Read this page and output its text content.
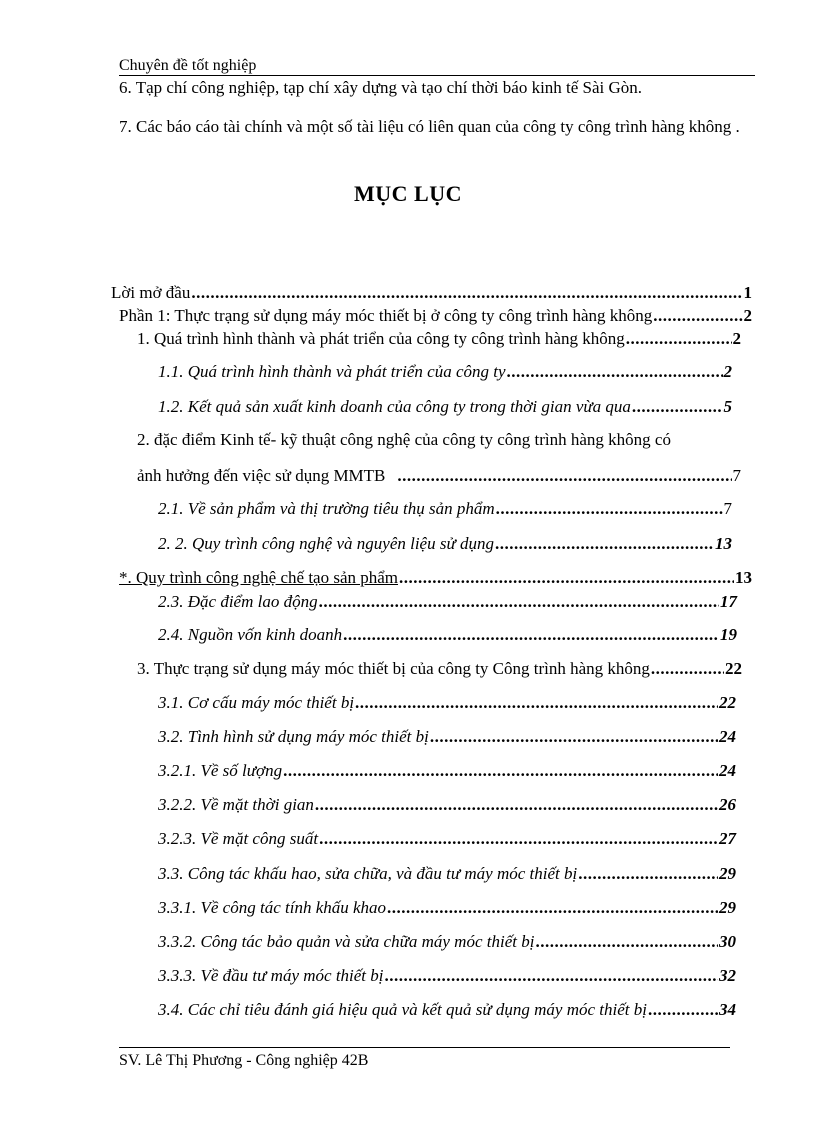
Chuyên đề tốt nghiệp
6. Tạp chí công nghiệp, tạp chí xây dựng và tạo chí thời báo kinh tế Sài Gòn.
7. Các báo cáo tài chính và một số tài liệu có liên quan của công ty công trình hàng không .
MỤC LỤC
Lời mở đầu .....	1
Phần 1: Thực trạng sử dụng máy móc thiết bị ở công ty công trình hàng không .....	2
1. Quá trình hình thành và phát triển của công ty công trình hàng không .....	2
1.1. Quá trình hình thành và phát triển của công ty .....	2
1.2. Kết quả sản xuất kinh doanh của công ty trong thời gian vừa qua .....	5
2. đặc điểm Kinh tế- kỹ thuật công nghệ của công ty công trình hàng không có
ảnh hưởng đến việc sử dụng MMTB .....	7
2.1. Về sản phẩm và thị trường tiêu thụ sản phẩm .....	7
2. 2. Quy trình công nghệ và nguyên liệu sử dụng .....	13
*. Quy trình công nghệ chế tạo sản phẩm .....	13
2.3. Đặc điểm lao động .....	17
2.4. Nguồn vốn kinh doanh .....	19
3. Thực trạng sử dụng máy móc thiết bị của công ty Công trình hàng không .....	22
3.1. Cơ cấu máy móc thiết bị .....	22
3.2. Tình hình sử dụng máy móc thiết bị .....	24
3.2.1. Về số lượng .....	24
3.2.2. Về mặt thời gian .....	26
3.2.3. Về mặt công suất .....	27
3.3. Công tác khấu hao, sửa chữa, và đầu tư máy móc thiết bị .....	29
3.3.1. Về công tác tính khấu khao .....	29
3.3.2. Công tác bảo quản và sửa chữa máy móc thiết bị .....	30
3.3.3. Về đầu tư máy móc thiết bị .....	32
3.4. Các chỉ tiêu đánh giá hiệu quả và kết quả sử dụng máy móc thiết bị .....	34
SV. Lê Thị Phương - Công nghiệp 42B
